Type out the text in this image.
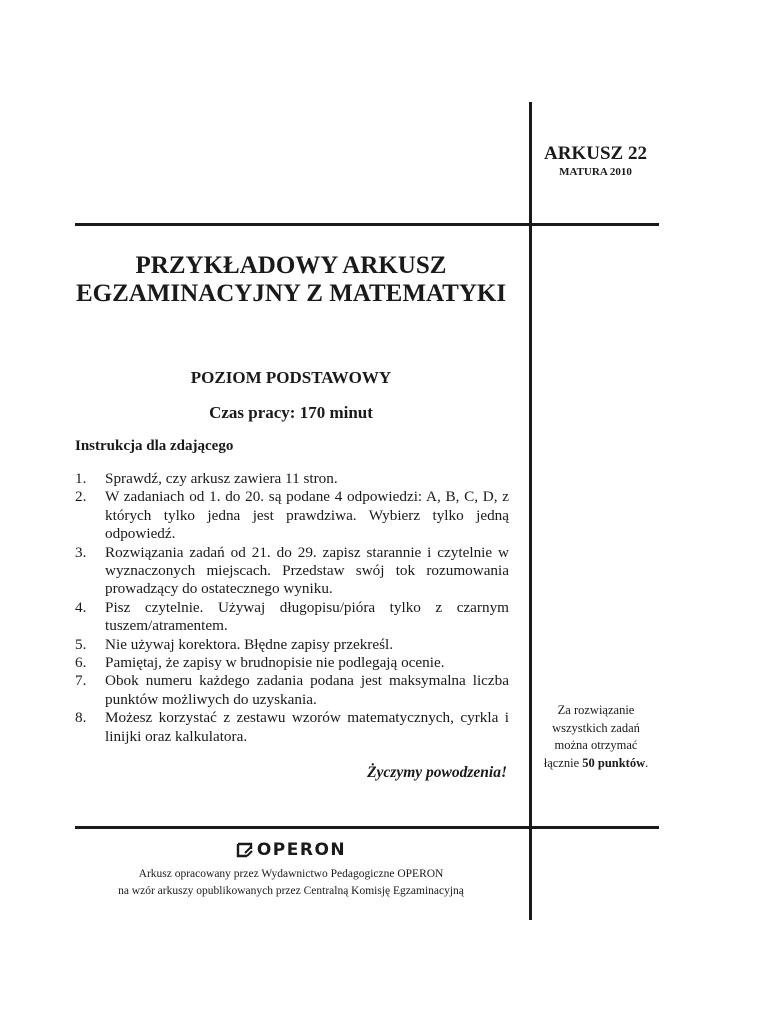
ARKUSZ 22
MATURA 2010
PRZYKŁADOWY ARKUSZ
EGZAMINACYJNY Z MATEMATYKI
POZIOM PODSTAWOWY
Czas pracy: 170 minut
Instrukcja dla zdającego
1.	Sprawdź, czy arkusz zawiera 11 stron.
2.	W zadaniach od 1. do 20. są podane 4 odpowiedzi: A, B, C, D, z których tylko jedna jest prawdziwa. Wybierz tylko jedną odpowiedź.
3.	Rozwiązania zadań od 21. do 29. zapisz starannie i czytelnie w wyznaczonych miejscach. Przedstaw swój tok rozumowania prowadzący do ostatecznego wyniku.
4.	Pisz czytelnie. Używaj długopisu/pióra tylko z czarnym tuszem/atramentem.
5.	Nie używaj korektora. Błędne zapisy przekreśl.
6.	Pamiętaj, że zapisy w brudnopisie nie podlegają ocenie.
7.	Obok numeru każdego zadania podana jest maksymalna liczba punktów możliwych do uzyskania.
8.	Możesz korzystać z zestawu wzorów matematycznych, cyrkla i linijki oraz kalkulatora.
Życzymy powodzenia!
Za rozwiązanie
wszystkich zadań
można otrzymać
łącznie 50 punktów.
OPERON
Arkusz opracowany przez Wydawnictwo Pedagogiczne OPERON
na wzór arkuszy opublikowanych przez Centralną Komisję Egzaminacyjną
